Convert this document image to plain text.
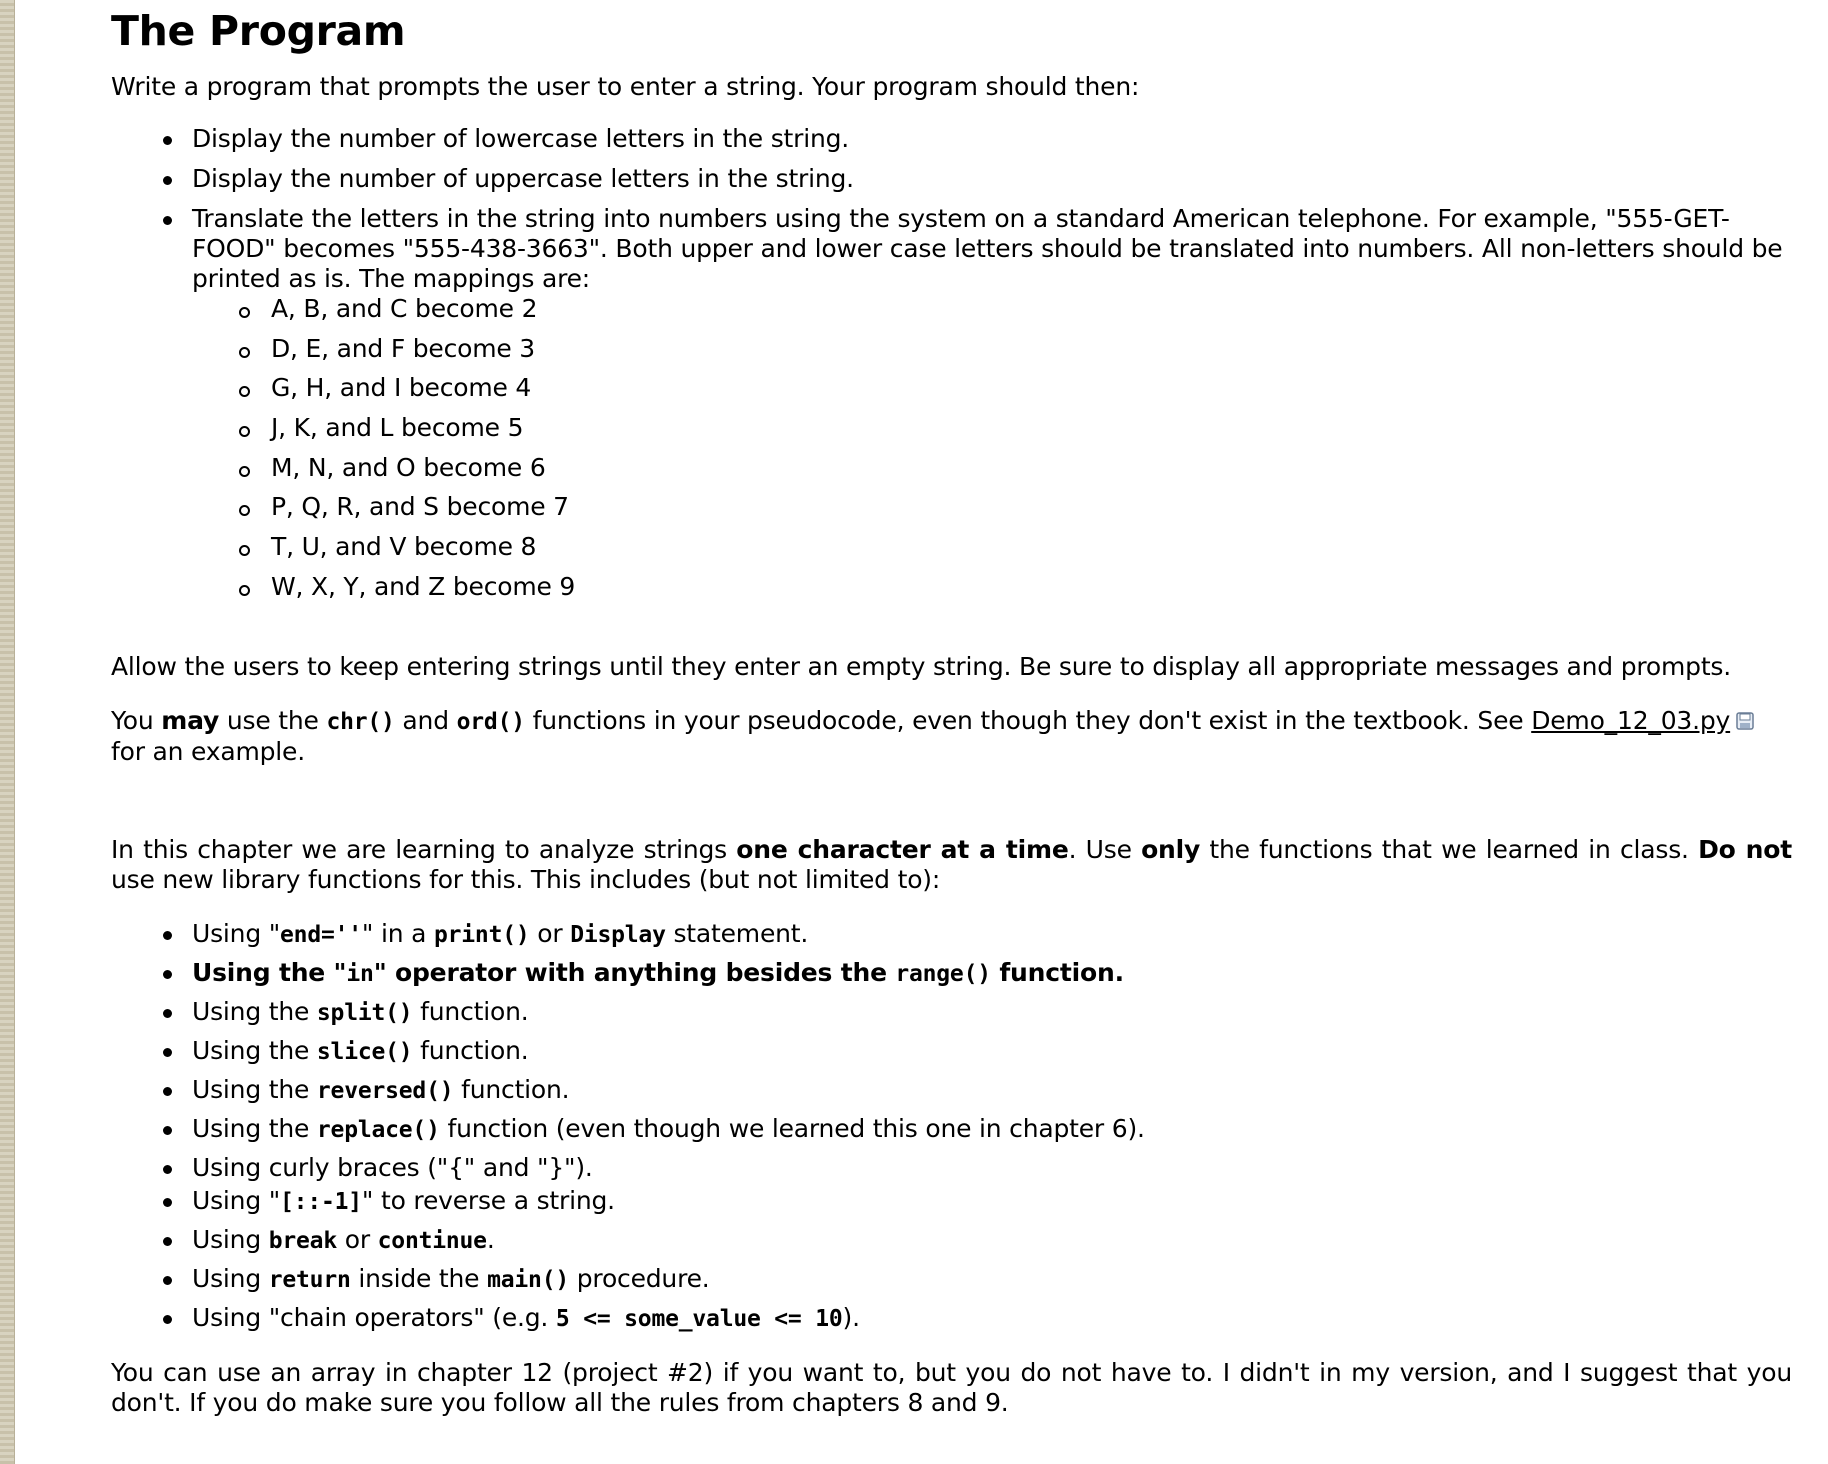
The Program

Write a program that prompts the user to enter a string. Your program should then:

Display the number of lowercase letters in the string.
Display the number of uppercase letters in the string.
Translate the letters in the string into numbers using the system on a standard American telephone. For example, "555-GET-FOOD" becomes "555-438-3663". Both upper and lower case letters should be translated into numbers. All non-letters should be printed as is. The mappings are:
A, B, and C become 2
D, E, and F become 3
G, H, and I become 4
J, K, and L become 5
M, N, and O become 6
P, Q, R, and S become 7
T, U, and V become 8
W, X, Y, and Z become 9

Allow the users to keep entering strings until they enter an empty string. Be sure to display all appropriate messages and prompts.

You may use the chr() and ord() functions in your pseudocode, even though they don't exist in the textbook. See Demo_12_03.py for an example.

In this chapter we are learning to analyze strings one character at a time. Use only the functions that we learned in class. Do not use new library functions for this. This includes (but not limited to):

Using "end=''" in a print() or Display statement.
Using the "in" operator with anything besides the range() function.
Using the split() function.
Using the slice() function.
Using the reversed() function.
Using the replace() function (even though we learned this one in chapter 6).
Using curly braces ("{" and "}").
Using "[::-1]" to reverse a string.
Using break or continue.
Using return inside the main() procedure.
Using "chain operators" (e.g. 5 <= some_value <= 10).

You can use an array in chapter 12 (project #2) if you want to, but you do not have to. I didn't in my version, and I suggest that you don't. If you do make sure you follow all the rules from chapters 8 and 9.
